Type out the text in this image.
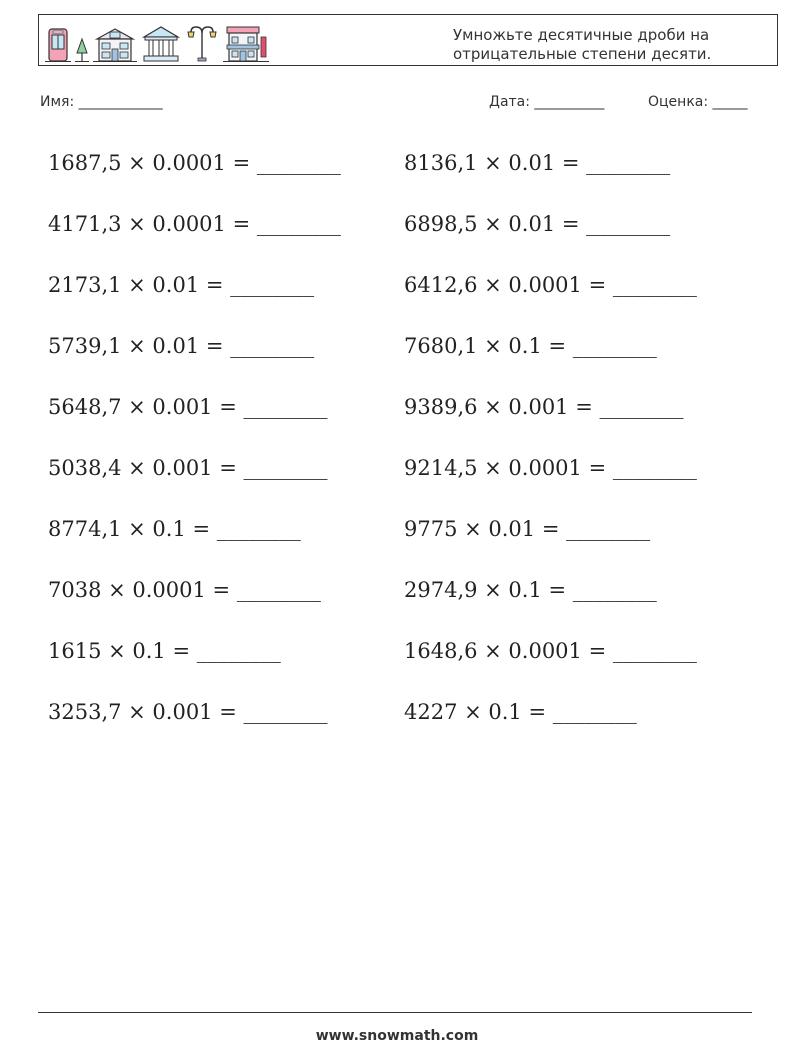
Умножьте десятичные дроби на
отрицательные степени десяти.
Имя: ____________	Дата: __________	Оценка: _____
1687,5 × 0.0001 = ________
4171,3 × 0.0001 = ________
2173,1 × 0.01 = ________
5739,1 × 0.01 = ________
5648,7 × 0.001 = ________
5038,4 × 0.001 = ________
8774,1 × 0.1 = ________
7038 × 0.0001 = ________
1615 × 0.1 = ________
3253,7 × 0.001 = ________
8136,1 × 0.01 = ________
6898,5 × 0.01 = ________
6412,6 × 0.0001 = ________
7680,1 × 0.1 = ________
9389,6 × 0.001 = ________
9214,5 × 0.0001 = ________
9775 × 0.01 = ________
2974,9 × 0.1 = ________
1648,6 × 0.0001 = ________
4227 × 0.1 = ________
www.snowmath.com
